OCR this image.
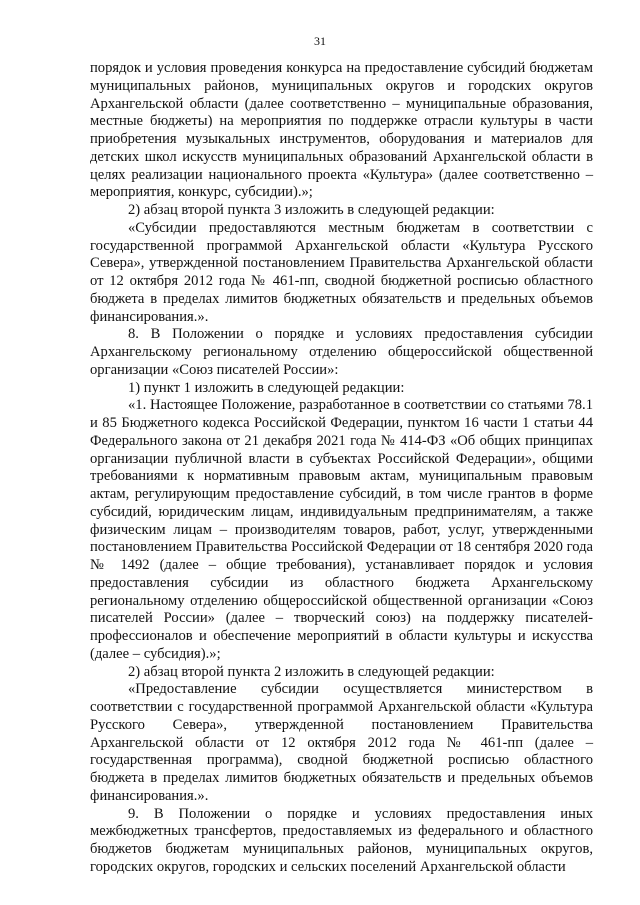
31

порядок и условия проведения конкурса на предоставление субсидий бюджетам муниципальных районов, муниципальных округов и городских округов Архангельской области (далее соответственно – муниципальные образования, местные бюджеты) на мероприятия по поддержке отрасли культуры в части приобретения музыкальных инструментов, оборудования и материалов для детских школ искусств муниципальных образований Архангельской области в целях реализации национального проекта «Культура» (далее соответственно – мероприятия, конкурс, субсидии).»;

2) абзац второй пункта 3 изложить в следующей редакции:

«Субсидии предоставляются местным бюджетам в соответствии с государственной программой Архангельской области «Культура Русского Севера», утвержденной постановлением Правительства Архангельской области от 12 октября 2012 года № 461-пп, сводной бюджетной росписью областного бюджета в пределах лимитов бюджетных обязательств и предельных объемов финансирования.».

8. В Положении о порядке и условиях предоставления субсидии Архангельскому региональному отделению общероссийской общественной организации «Союз писателей России»:

1) пункт 1 изложить в следующей редакции:

«1. Настоящее Положение, разработанное в соответствии со статьями 78.1 и 85 Бюджетного кодекса Российской Федерации, пунктом 16 части 1 статьи 44 Федерального закона от 21 декабря 2021 года № 414-ФЗ «Об общих принципах организации публичной власти в субъектах Российской Федерации», общими требованиями к нормативным правовым актам, муниципальным правовым актам, регулирующим предоставление субсидий, в том числе грантов в форме субсидий, юридическим лицам, индивидуальным предпринимателям, а также физическим лицам – производителям товаров, работ, услуг, утвержденными постановлением Правительства Российской Федерации от 18 сентября 2020 года № 1492 (далее – общие требования), устанавливает порядок и условия предоставления субсидии из областного бюджета Архангельскому региональному отделению общероссийской общественной организации «Союз писателей России» (далее – творческий союз) на поддержку писателей-профессионалов и обеспечение мероприятий в области культуры и искусства (далее – субсидия).»;

2) абзац второй пункта 2 изложить в следующей редакции:

«Предоставление субсидии осуществляется министерством в соответствии с государственной программой Архангельской области «Культура Русского Севера», утвержденной постановлением Правительства Архангельской области от 12 октября 2012 года № 461-пп (далее – государственная программа), сводной бюджетной росписью областного бюджета в пределах лимитов бюджетных обязательств и предельных объемов финансирования.».

9. В Положении о порядке и условиях предоставления иных межбюджетных трансфертов, предоставляемых из федерального и областного бюджетов бюджетам муниципальных районов, муниципальных округов, городских округов, городских и сельских поселений Архангельской области
